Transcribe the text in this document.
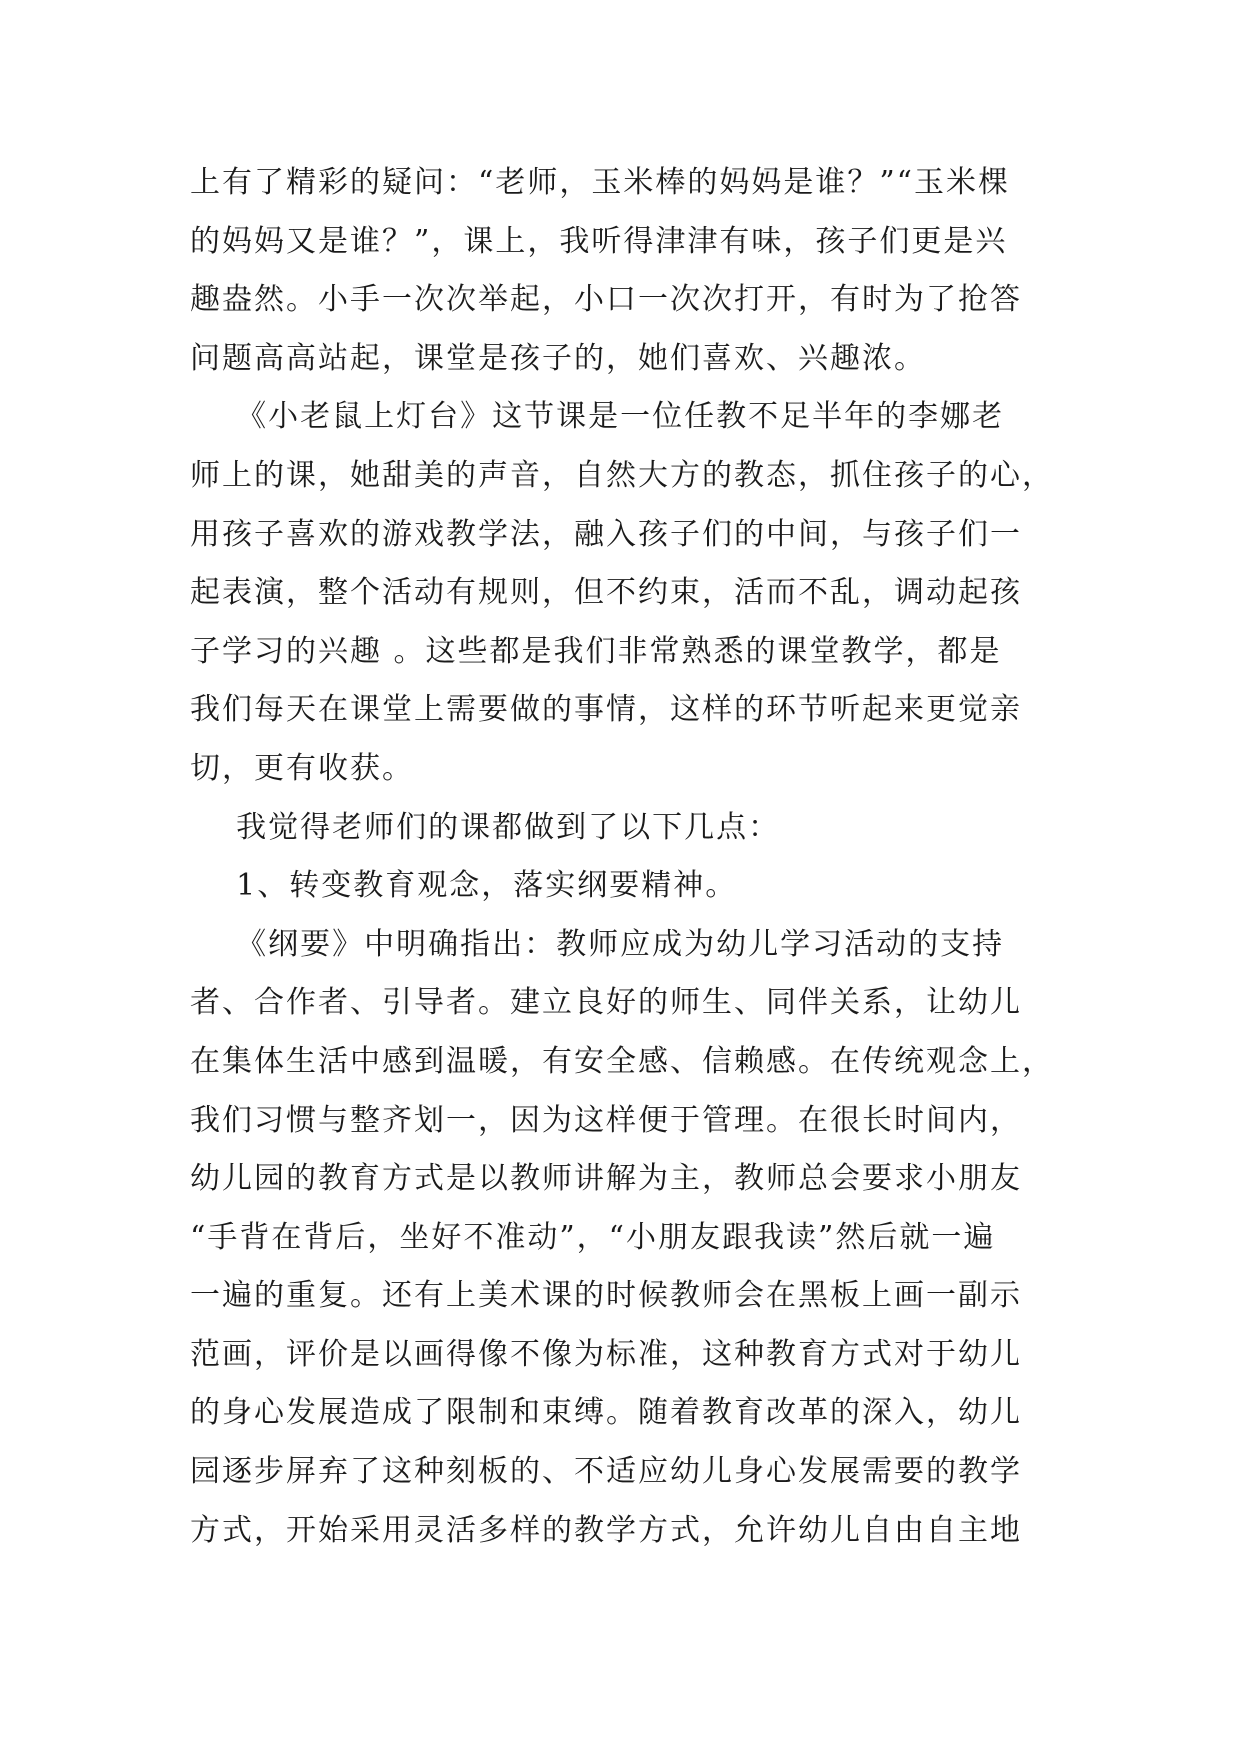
上有了精彩的疑问：“老师，玉米棒的妈妈是谁？”“玉米棵
的妈妈又是谁？”，课上，我听得津津有味，孩子们更是兴
趣盎然。小手一次次举起，小口一次次打开，有时为了抢答
问题高高站起，课堂是孩子的，她们喜欢、兴趣浓。
《小老鼠上灯台》这节课是一位任教不足半年的李娜老
师上的课，她甜美的声音，自然大方的教态，抓住孩子的心，
用孩子喜欢的游戏教学法，融入孩子们的中间，与孩子们一
起表演，整个活动有规则，但不约束，活而不乱，调动起孩
子学习的兴趣 。这些都是我们非常熟悉的课堂教学，都是
我们每天在课堂上需要做的事情，这样的环节听起来更觉亲
切，更有收获。
我觉得老师们的课都做到了以下几点：
1、转变教育观念，落实纲要精神。
《纲要》中明确指出：教师应成为幼儿学习活动的支持
者、合作者、引导者。建立良好的师生、同伴关系，让幼儿
在集体生活中感到温暖，有安全感、信赖感。在传统观念上，
我们习惯与整齐划一，因为这样便于管理。在很长时间内，
幼儿园的教育方式是以教师讲解为主，教师总会要求小朋友
“手背在背后，坐好不准动”，“小朋友跟我读”然后就一遍
一遍的重复。还有上美术课的时候教师会在黑板上画一副示
范画，评价是以画得像不像为标准，这种教育方式对于幼儿
的身心发展造成了限制和束缚。随着教育改革的深入，幼儿
园逐步屏弃了这种刻板的、不适应幼儿身心发展需要的教学
方式，开始采用灵活多样的教学方式，允许幼儿自由自主地
